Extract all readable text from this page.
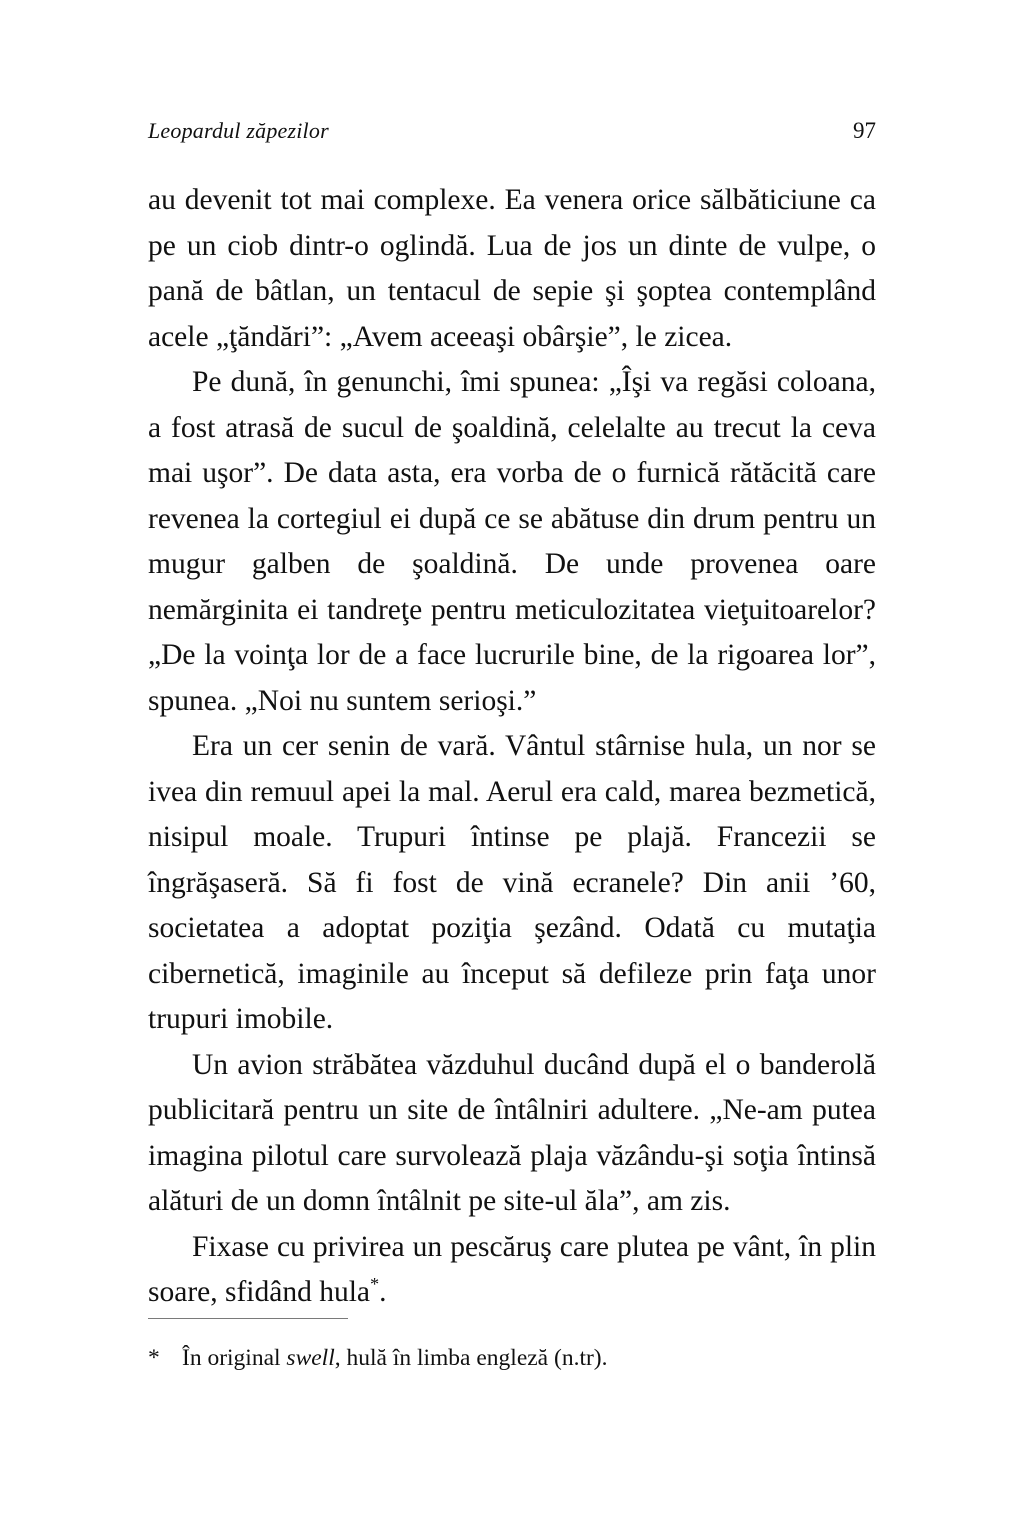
Leopardul zăpezilor	97

au devenit tot mai complexe. Ea venera orice sălbăticiune ca pe un ciob dintr-o oglindă. Lua de jos un dinte de vulpe, o pană de bâtlan, un tentacul de sepie şi şoptea contemplând acele „ţăndări”: „Avem aceeaşi obârşie”, le zicea.

Pe dună, în genunchi, îmi spunea: „Îşi va regăsi coloana, a fost atrasă de sucul de şoaldină, celelalte au trecut la ceva mai uşor”. De data asta, era vorba de o furnică rătăcită care revenea la cortegiul ei după ce se abătuse din drum pentru un mugur galben de şoaldină. De unde provenea oare nemărginita ei tandreţe pentru meticulozitatea vieţuitoarelor? „De la voinţa lor de a face lucrurile bine, de la rigoarea lor”, spunea. „Noi nu suntem serioşi.”

Era un cer senin de vară. Vântul stârnise hula, un nor se ivea din remuul apei la mal. Aerul era cald, marea bezmetică, nisipul moale. Trupuri întinse pe plajă. Francezii se îngrăşaseră. Să fi fost de vină ecranele? Din anii ’60, societatea a adoptat poziţia şezând. Odată cu mutaţia cibernetică, imaginile au început să defileze prin faţa unor trupuri imobile.

Un avion străbătea văzduhul ducând după el o banderolă publicitară pentru un site de întâlniri adultere. „Ne-am putea imagina pilotul care survolează plaja văzându-şi soţia întinsă alături de un domn întâlnit pe site-ul ăla”, am zis.

Fixase cu privirea un pescăruş care plutea pe vânt, în plin soare, sfidând hula*.

* În original swell, hulă în limba engleză (n.tr).
